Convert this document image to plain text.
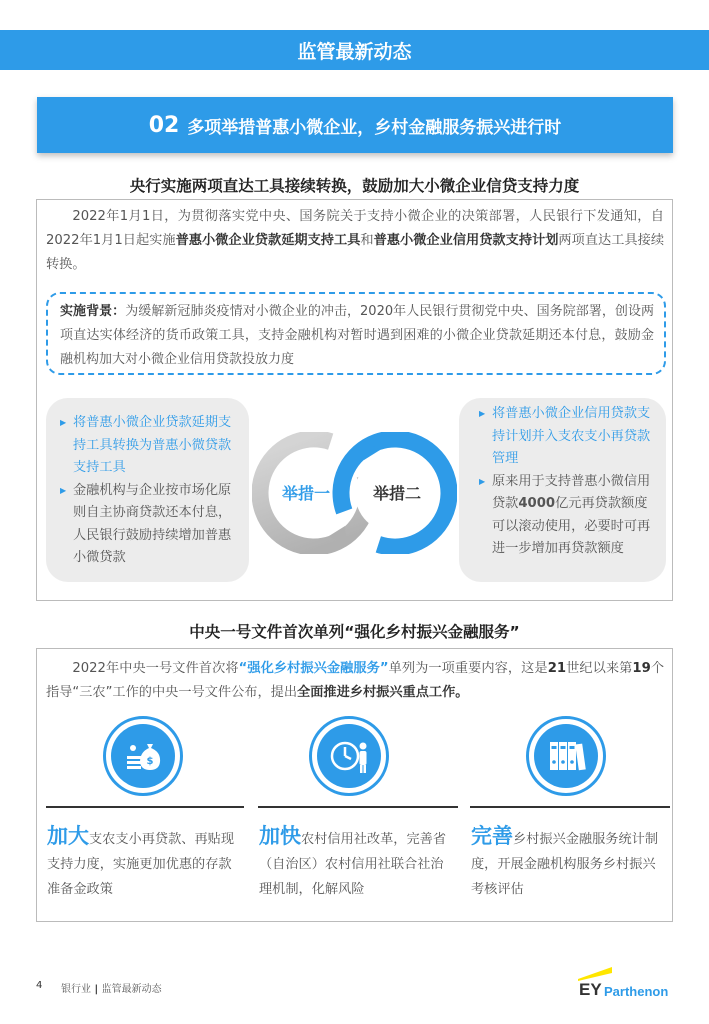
监管最新动态
02 多项举措普惠小微企业，乡村金融服务振兴进行时
央行实施两项直达工具接续转换，鼓励加大小微企业信贷支持力度

2022年1月1日，为贯彻落实党中央、国务院关于支持小微企业的决策部署，人民银行下发通知，自2022年1月1日起实施普惠小微企业贷款延期支持工具和普惠小微企业信用贷款支持计划两项直达工具接续转换。

实施背景：为缓解新冠肺炎疫情对小微企业的冲击，2020年人民银行贯彻党中央、国务院部署，创设两项直达实体经济的货币政策工具，支持金融机构对暂时遇到困难的小微企业贷款延期还本付息，鼓励金融机构加大对小微企业信用贷款投放力度
▶ 将普惠小微企业贷款延期支持工具转换为普惠小微贷款支持工具
▶ 金融机构与企业按市场化原则自主协商贷款还本付息，人民银行鼓励持续增加普惠小微贷款
▶ 将普惠小微企业信用贷款支持计划并入支农支小再贷款管理
▶ 原来用于支持普惠小微信用贷款4000亿元再贷款额度可以滚动使用，必要时可再进一步增加再贷款额度
举措一	举措二
中央一号文件首次单列“强化乡村振兴金融服务”

2022年中央一号文件首次将“强化乡村振兴金融服务”单列为一项重要内容，这是21世纪以来第19个指导“三农”工作的中央一号文件公布，提出全面推进乡村振兴重点工作。

$
加大支农支小再贷款、再贴现支持力度，实施更加优惠的存款准备金政策
加快农村信用社改革，完善省（自治区）农村信用社联合社治理机制，化解风险
完善乡村振兴金融服务统计制度，开展金融机构服务乡村振兴考核评估
4 银行业 | 监管最新动态	EY Parthenon
